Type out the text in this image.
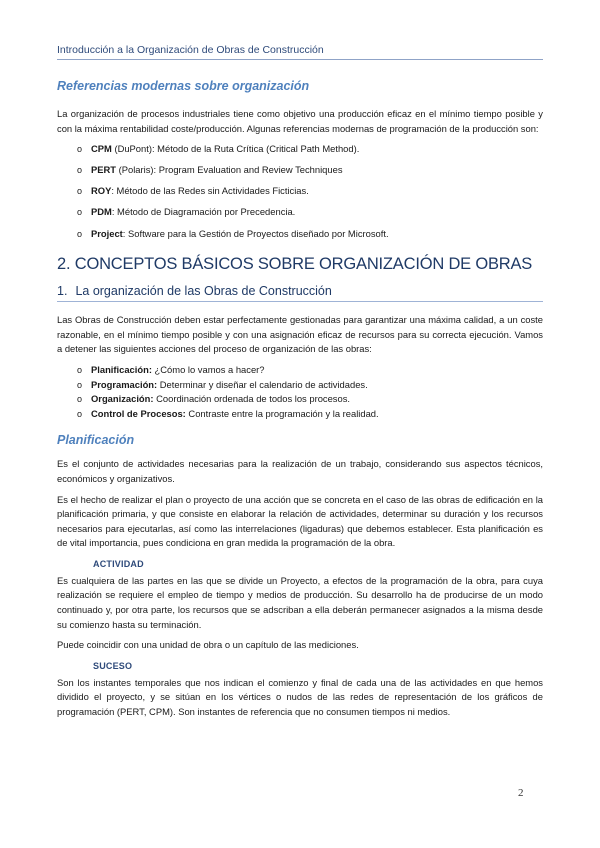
Introducción a la Organización de Obras de Construcción
Referencias modernas sobre organización

La organización de procesos industriales tiene como objetivo una producción eficaz en el mínimo tiempo posible y con la máxima rentabilidad coste/producción. Algunas referencias modernas de programación de la producción son:

o CPM (DuPont): Método de la Ruta Crítica (Critical Path Method).
o PERT (Polaris): Program Evaluation and Review Techniques
o ROY: Método de las Redes sin Actividades Ficticias.
o PDM: Método de Diagramación por Precedencia.
o Project: Software para la Gestión de Proyectos diseñado por Microsoft.
2. CONCEPTOS BÁSICOS SOBRE ORGANIZACIÓN DE OBRAS
1. La organización de las Obras de Construcción

Las Obras de Construcción deben estar perfectamente gestionadas para garantizar una máxima calidad, a un coste razonable, en el mínimo tiempo posible y con una asignación eficaz de recursos para su correcta ejecución. Vamos a detener las siguientes acciones del proceso de organización de las obras:

o Planificación: ¿Cómo lo vamos a hacer?
o Programación: Determinar y diseñar el calendario de actividades.
o Organización: Coordinación ordenada de todos los procesos.
o Control de Procesos: Contraste entre la programación y la realidad.
Planificación

Es el conjunto de actividades necesarias para la realización de un trabajo, considerando sus aspectos técnicos, económicos y organizativos.

Es el hecho de realizar el plan o proyecto de una acción que se concreta en el caso de las obras de edificación en la planificación primaria, y que consiste en elaborar la relación de actividades, determinar su duración y los recursos necesarios para ejecutarlas, así como las interrelaciones (ligaduras) que debemos establecer. Esta planificación es de vital importancia, pues condiciona en gran medida la programación de la obra.

ACTIVIDAD

Es cualquiera de las partes en las que se divide un Proyecto, a efectos de la programación de la obra, para cuya realización se requiere el empleo de tiempo y medios de producción. Su desarrollo ha de producirse de un modo continuado y, por otra parte, los recursos que se adscriban a ella deberán permanecer asignados a la misma desde su comienzo hasta su terminación.

Puede coincidir con una unidad de obra o un capítulo de las mediciones.

SUCESO

Son los instantes temporales que nos indican el comienzo y final de cada una de las actividades en que hemos dividido el proyecto, y se sitúan en los vértices o nudos de las redes de representación de los gráficos de programación (PERT, CPM). Son instantes de referencia que no consumen tiempos ni medios.

2
